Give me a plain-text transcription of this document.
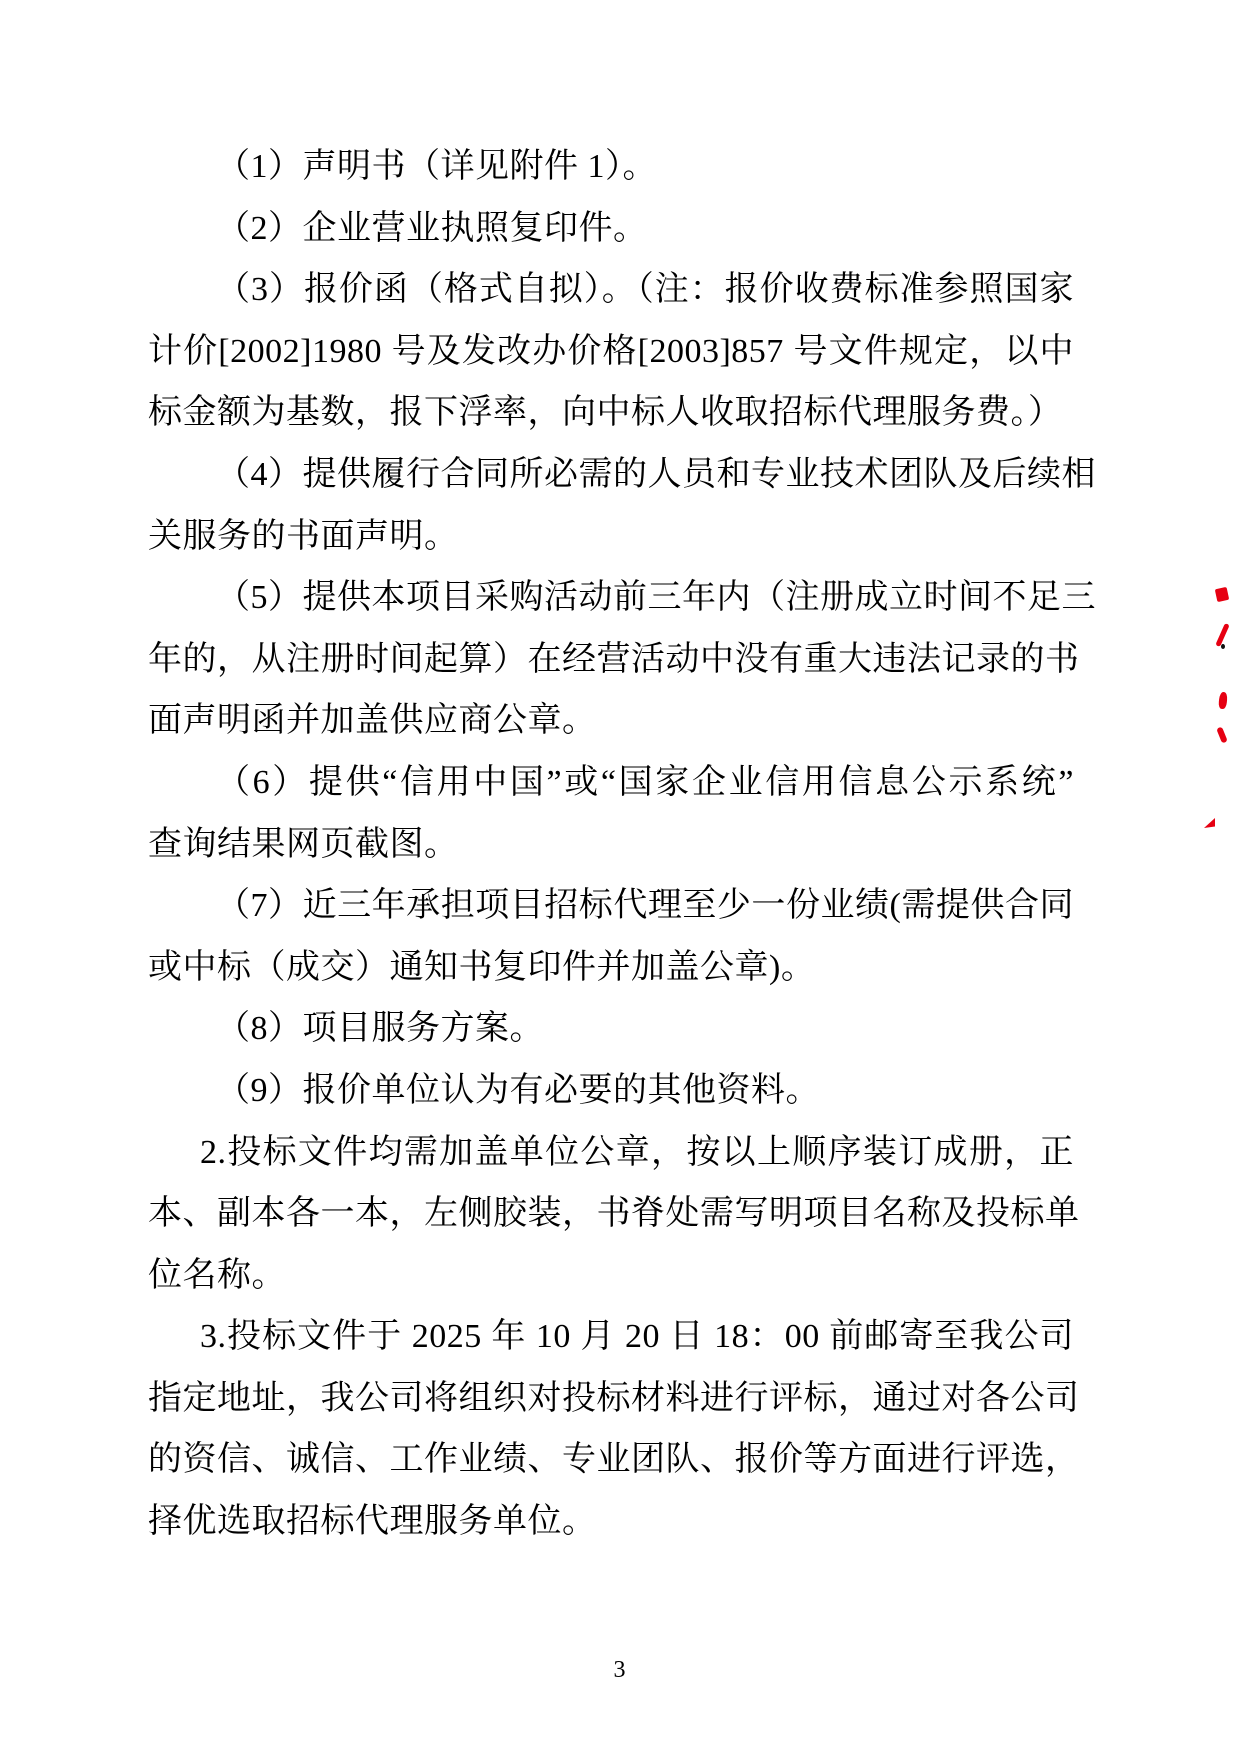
（1）声明书（详见附件 1）。
（2）企业营业执照复印件。
（3）报价函（格式自拟）。（注：报价收费标准参照国家
计价[2002]1980 号及发改办价格[2003]857 号文件规定，以中
标金额为基数，报下浮率，向中标人收取招标代理服务费。）
（4）提供履行合同所必需的人员和专业技术团队及后续相
关服务的书面声明。
（5）提供本项目采购活动前三年内（注册成立时间不足三
年的，从注册时间起算）在经营活动中没有重大违法记录的书
面声明函并加盖供应商公章。
（6）提供“信用中国”或“国家企业信用信息公示系统”
查询结果网页截图。
（7）近三年承担项目招标代理至少一份业绩(需提供合同
或中标（成交）通知书复印件并加盖公章)。
（8）项目服务方案。
（9）报价单位认为有必要的其他资料。
2.投标文件均需加盖单位公章，按以上顺序装订成册，正
本、副本各一本，左侧胶装，书脊处需写明项目名称及投标单
位名称。
3.投标文件于 2025 年 10 月 20 日 18：00 前邮寄至我公司
指定地址，我公司将组织对投标材料进行评标，通过对各公司
的资信、诚信、工作业绩、专业团队、报价等方面进行评选，
择优选取招标代理服务单位。
3
